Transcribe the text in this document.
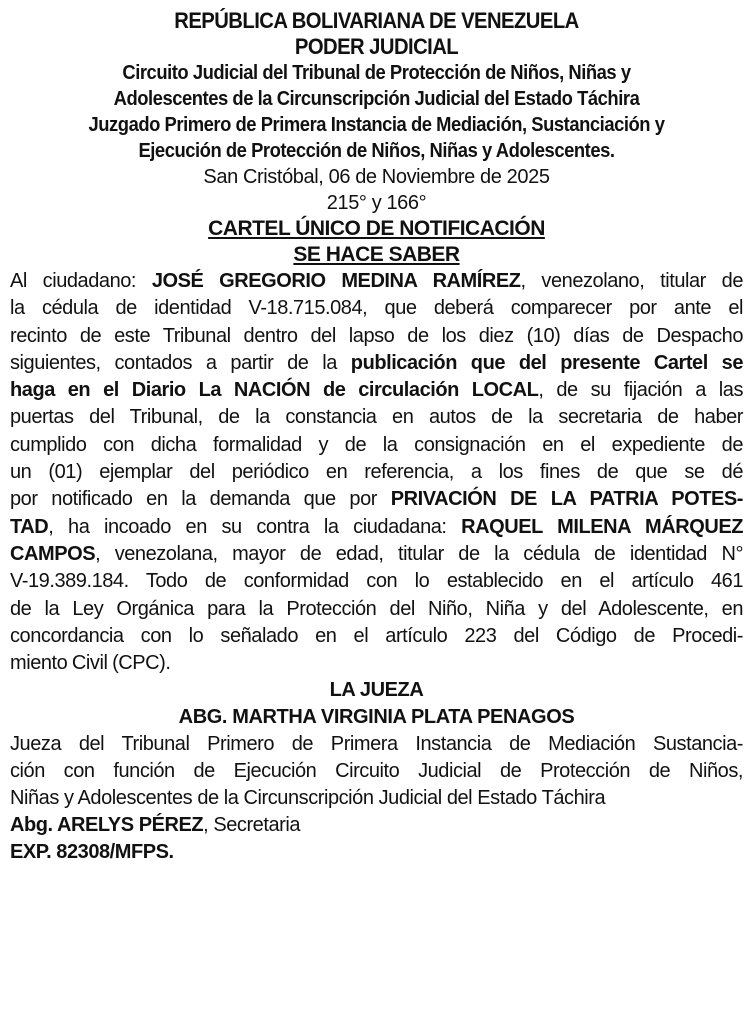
REPÚBLICA BOLIVARIANA DE VENEZUELA
PODER JUDICIAL
Circuito Judicial del Tribunal de Protección de Niños, Niñas y
Adolescentes de la Circunscripción Judicial del Estado Táchira
Juzgado Primero de Primera Instancia de Mediación, Sustanciación y
Ejecución de Protección de Niños, Niñas y Adolescentes.
San Cristóbal, 06 de Noviembre de 2025
215° y 166°
CARTEL ÚNICO DE NOTIFICACIÓN
SE HACE SABER
Al ciudadano: JOSÉ GREGORIO MEDINA RAMÍREZ, venezolano, titular de
la cédula de identidad V-18.715.084, que deberá comparecer por ante el
recinto de este Tribunal dentro del lapso de los diez (10) días de Despacho
siguientes, contados a partir de la publicación que del presente Cartel se
haga en el Diario La NACIÓN de circulación LOCAL, de su fijación a las
puertas del Tribunal, de la constancia en autos de la secretaria de haber
cumplido con dicha formalidad y de la consignación en el expediente de
un (01) ejemplar del periódico en referencia, a los fines de que se dé
por notificado en la demanda que por PRIVACIÓN DE LA PATRIA POTES-
TAD, ha incoado en su contra la ciudadana: RAQUEL MILENA MÁRQUEZ
CAMPOS, venezolana, mayor de edad, titular de la cédula de identidad N°
V-19.389.184. Todo de conformidad con lo establecido en el artículo 461
de la Ley Orgánica para la Protección del Niño, Niña y del Adolescente, en
concordancia con lo señalado en el artículo 223 del Código de Procedi-
miento Civil (CPC).
LA JUEZA
ABG. MARTHA VIRGINIA PLATA PENAGOS
Jueza del Tribunal Primero de Primera Instancia de Mediación Sustancia-
ción con función de Ejecución Circuito Judicial de Protección de Niños,
Niñas y Adolescentes de la Circunscripción Judicial del Estado Táchira
Abg. ARELYS PÉREZ, Secretaria
EXP. 82308/MFPS.
